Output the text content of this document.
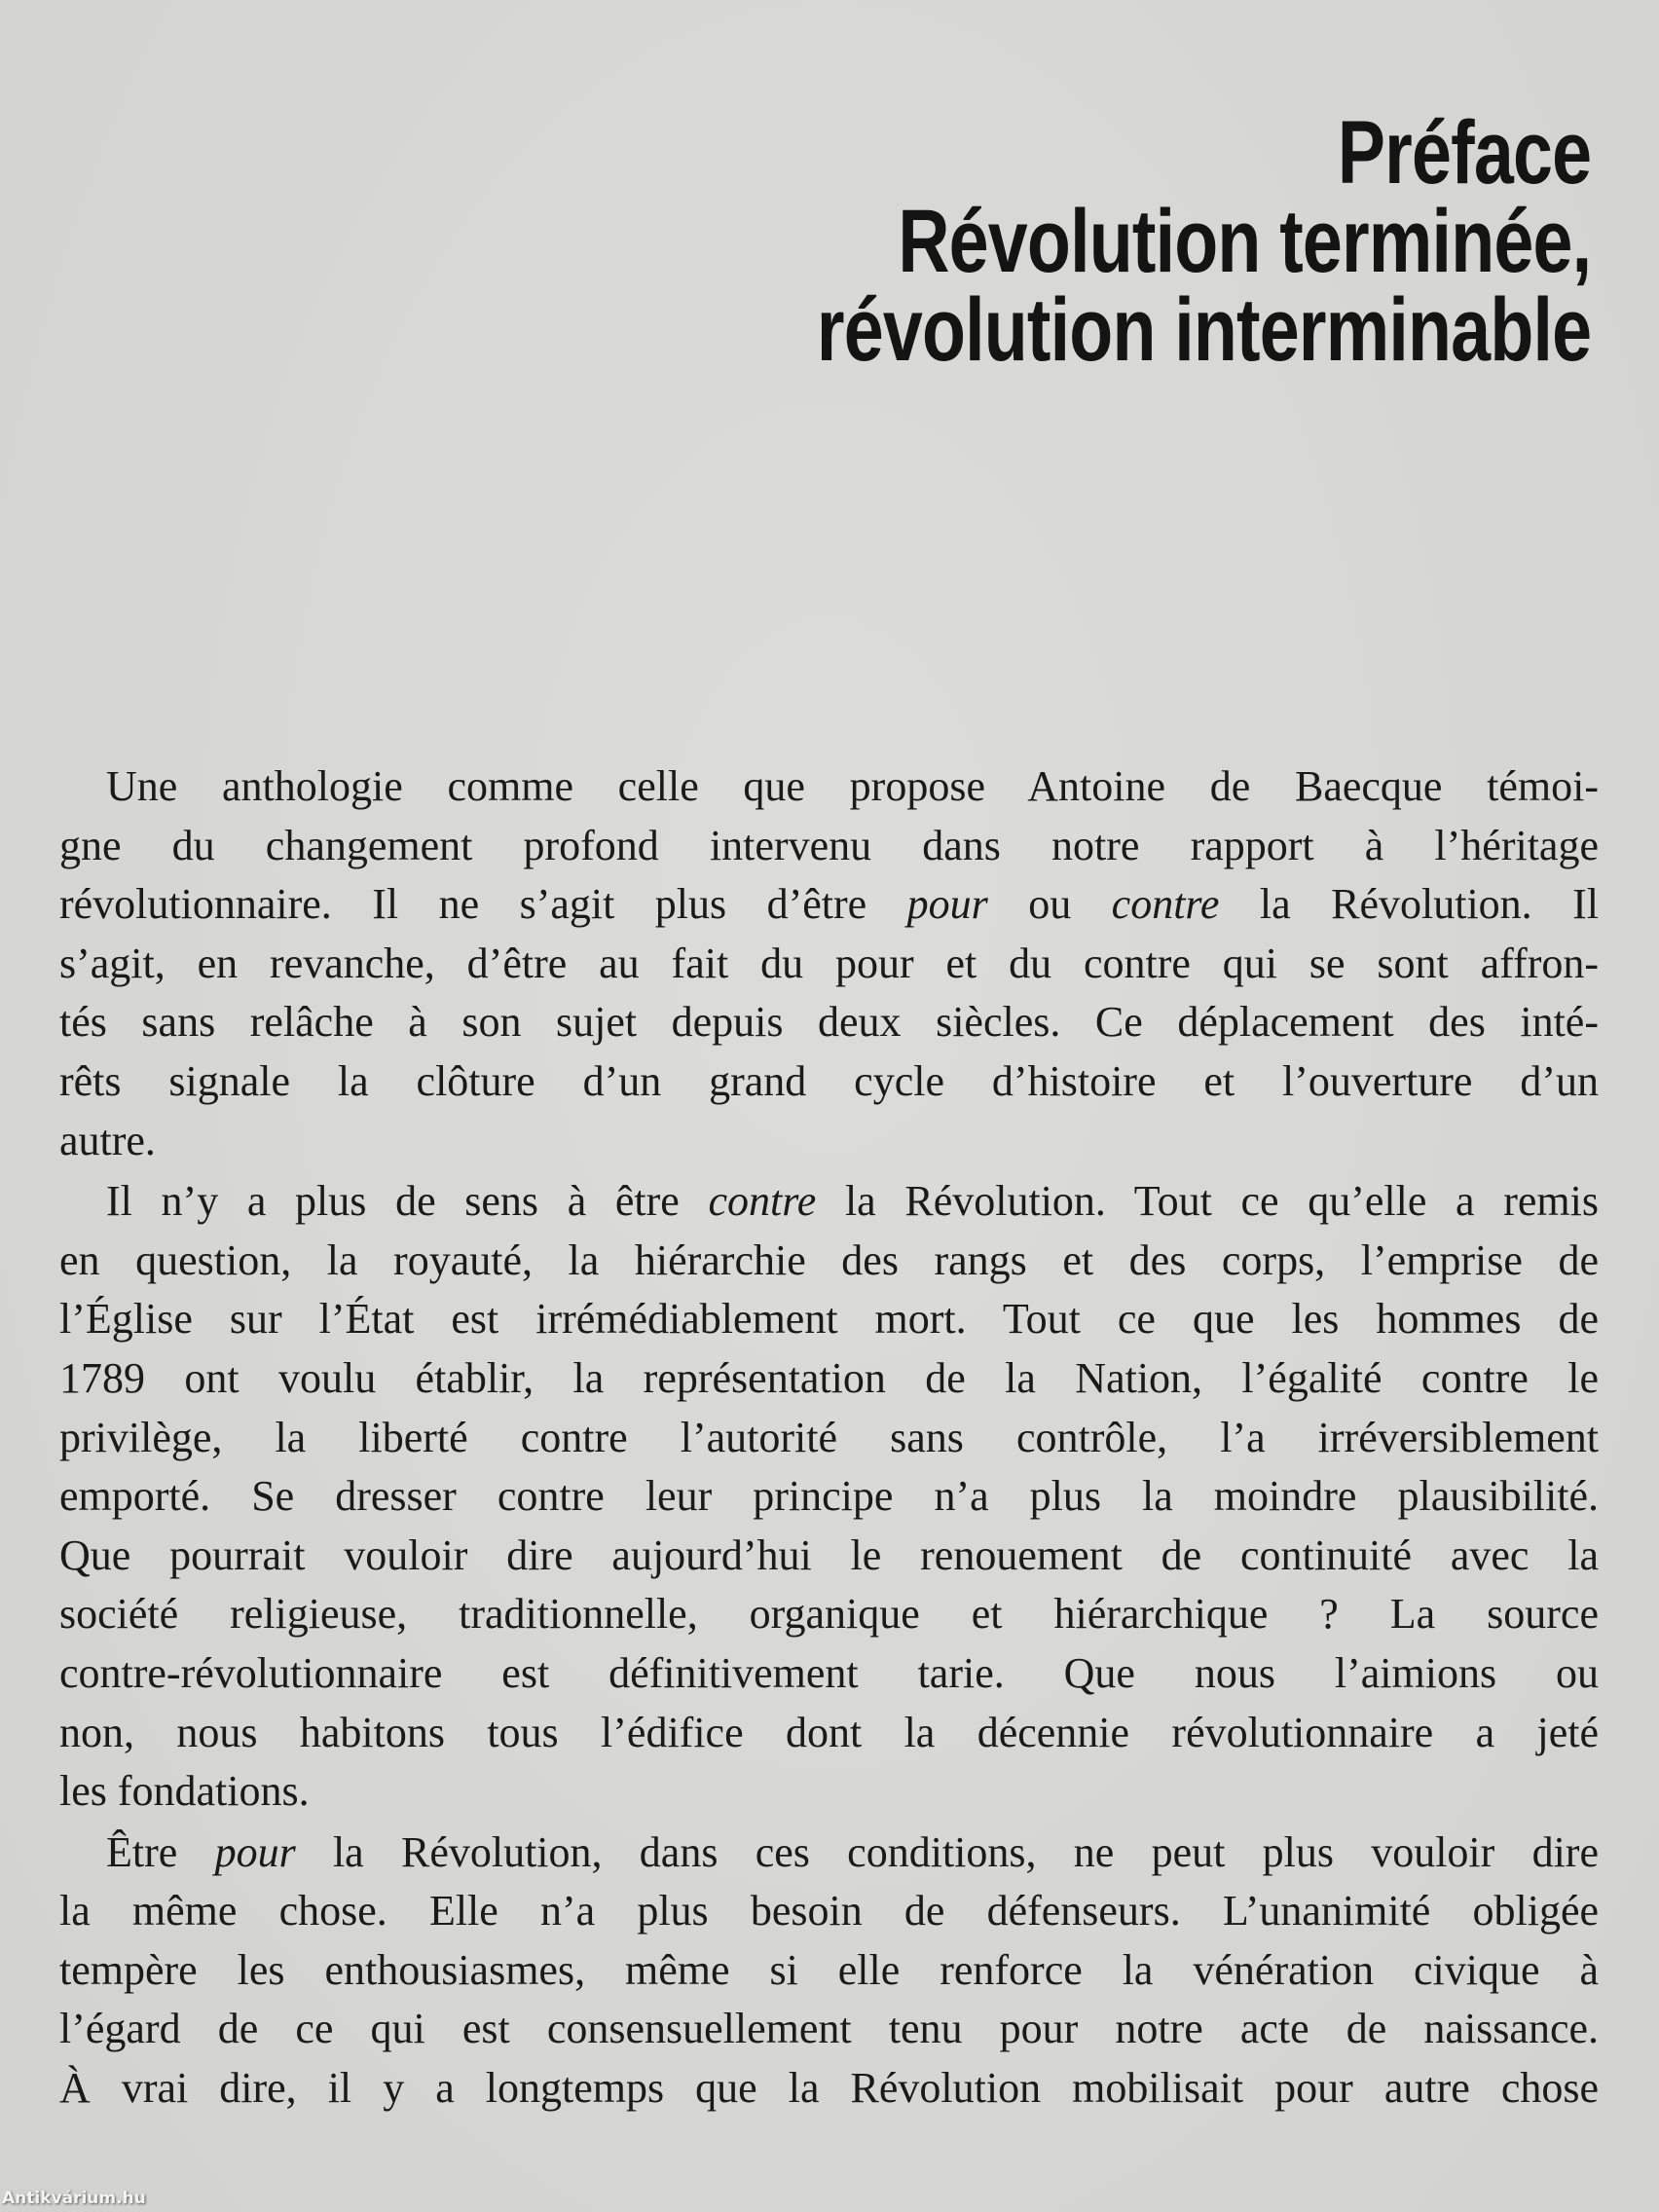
Préface
Révolution terminée,
révolution interminable
Une anthologie comme celle que propose Antoine de Baecque témoi-
gne du changement profond intervenu dans notre rapport à l’héritage
révolutionnaire. Il ne s’agit plus d’être pour ou contre la Révolution. Il
s’agit, en revanche, d’être au fait du pour et du contre qui se sont affron-
tés sans relâche à son sujet depuis deux siècles. Ce déplacement des inté-
rêts signale la clôture d’un grand cycle d’histoire et l’ouverture d’un
autre.
Il n’y a plus de sens à être contre la Révolution. Tout ce qu’elle a remis
en question, la royauté, la hiérarchie des rangs et des corps, l’emprise de
l’Église sur l’État est irrémédiablement mort. Tout ce que les hommes de
1789 ont voulu établir, la représentation de la Nation, l’égalité contre le
privilège, la liberté contre l’autorité sans contrôle, l’a irréversiblement
emporté. Se dresser contre leur principe n’a plus la moindre plausibilité.
Que pourrait vouloir dire aujourd’hui le renouement de continuité avec la
société religieuse, traditionnelle, organique et hiérarchique ? La source
contre-révolutionnaire est définitivement tarie. Que nous l’aimions ou
non, nous habitons tous l’édifice dont la décennie révolutionnaire a jeté
les fondations.
Être pour la Révolution, dans ces conditions, ne peut plus vouloir dire
la même chose. Elle n’a plus besoin de défenseurs. L’unanimité obligée
tempère les enthousiasmes, même si elle renforce la vénération civique à
l’égard de ce qui est consensuellement tenu pour notre acte de naissance.
À vrai dire, il y a longtemps que la Révolution mobilisait pour autre chose
Antikvárium.hu
